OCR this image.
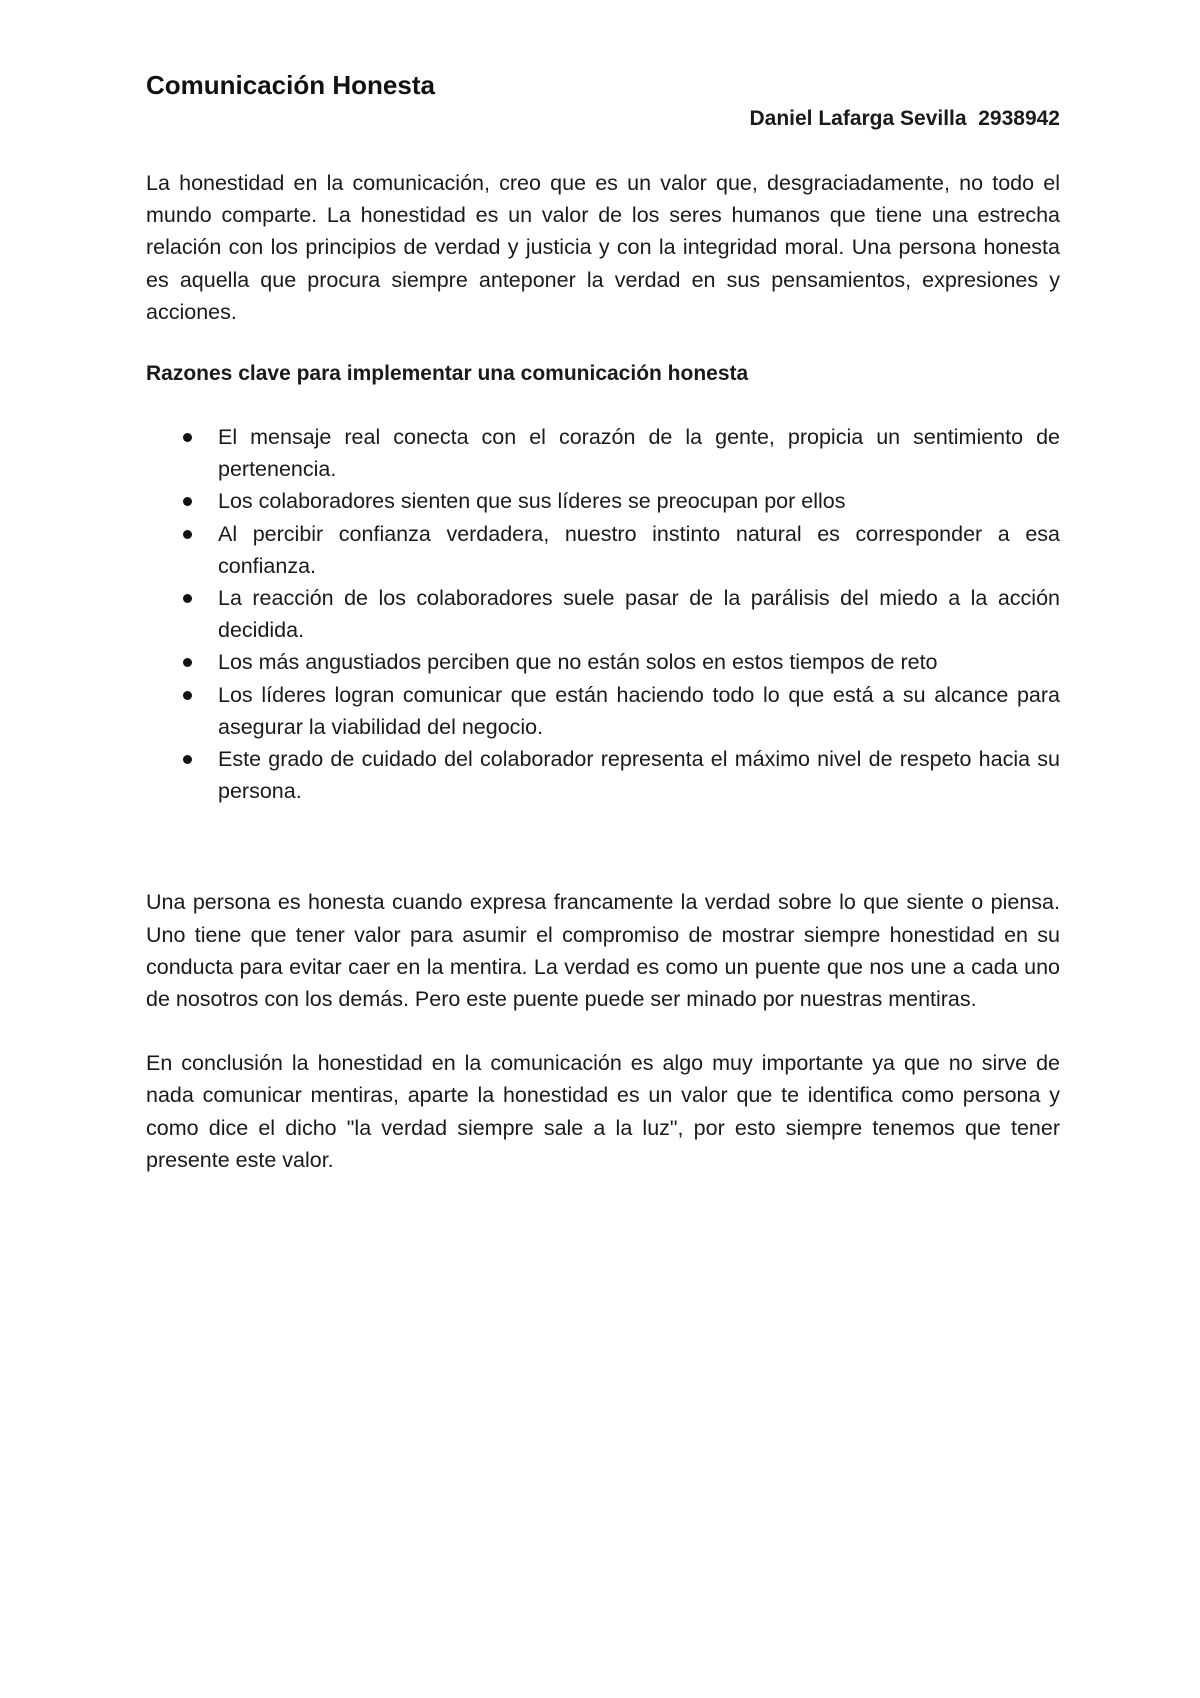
Comunicación Honesta

Daniel Lafarga Sevilla  2938942

La honestidad en la comunicación, creo que es un valor que, desgraciadamente, no todo el mundo comparte. La honestidad es un valor de los seres humanos que tiene una estrecha relación con los principios de verdad y justicia y con la integridad moral. Una persona honesta es aquella que procura siempre anteponer la verdad en sus pensamientos, expresiones y acciones.

Razones clave para implementar una comunicación honesta
El mensaje real conecta con el corazón de la gente, propicia un sentimiento de pertenencia.
Los colaboradores sienten que sus líderes se preocupan por ellos
Al percibir confianza verdadera, nuestro instinto natural es corresponder a esa confianza.
La reacción de los colaboradores suele pasar de la parálisis del miedo a la acción decidida.
Los más angustiados perciben que no están solos en estos tiempos de reto
Los líderes logran comunicar que están haciendo todo lo que está a su alcance para asegurar la viabilidad del negocio.
Este grado de cuidado del colaborador representa el máximo nivel de respeto hacia su persona.

Una persona es honesta cuando expresa francamente la verdad sobre lo que siente o piensa. Uno tiene que tener valor para asumir el compromiso de mostrar siempre honestidad en su conducta para evitar caer en la mentira. La verdad es como un puente que nos une a cada uno de nosotros con los demás. Pero este puente puede ser minado por nuestras mentiras.

En conclusión la honestidad en la comunicación es algo muy importante ya que no sirve de nada comunicar mentiras, aparte la honestidad es un valor que te identifica como persona y como dice el dicho "la verdad siempre sale a la luz", por esto siempre tenemos que tener presente este valor.
